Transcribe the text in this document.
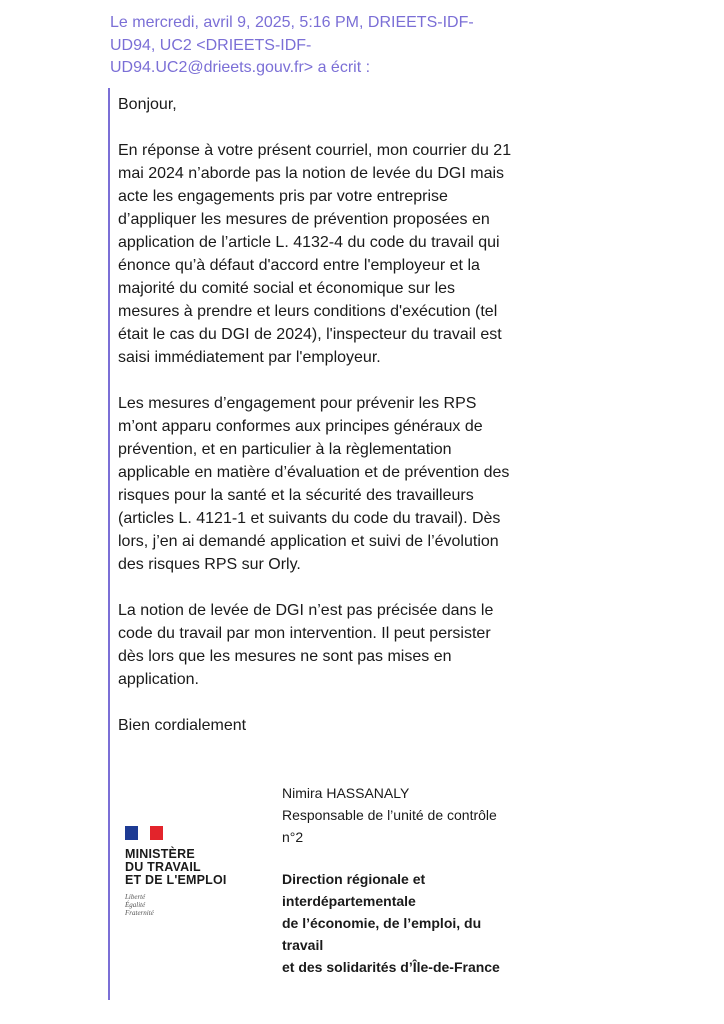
Le mercredi, avril 9, 2025, 5:16 PM, DRIEETS-IDF-
UD94, UC2 <DRIEETS-IDF-
UD94.UC2@drieets.gouv.fr> a écrit :

Bonjour,

En réponse à votre présent courriel, mon courrier du 21
mai 2024 n’aborde pas la notion de levée du DGI mais
acte les engagements pris par votre entreprise
d’appliquer les mesures de prévention proposées en
application de l’article L. 4132-4 du code du travail qui
énonce qu’à défaut d'accord entre l'employeur et la
majorité du comité social et économique sur les
mesures à prendre et leurs conditions d'exécution (tel
était le cas du DGI de 2024), l'inspecteur du travail est
saisi immédiatement par l'employeur.

Les mesures d’engagement pour prévenir les RPS
m’ont apparu conformes aux principes généraux de
prévention, et en particulier à la règlementation
applicable en matière d’évaluation et de prévention des
risques pour la santé et la sécurité des travailleurs
(articles L. 4121-1 et suivants du code du travail). Dès
lors, j’en ai demandé application et suivi de l’évolution
des risques RPS sur Orly.

La notion de levée de DGI n’est pas précisée dans le
code du travail par mon intervention. Il peut persister
dès lors que les mesures ne sont pas mises en
application.

Bien cordialement

MINISTÈRE
DU TRAVAIL
ET DE L'EMPLOI
Liberté
Égalité
Fraternité
Nimira HASSANALY
Responsable de l’unité de contrôle
n°2
Direction régionale et
interdépartementale
de l’économie, de l’emploi, du
travail
et des solidarités d’Île-de-France
